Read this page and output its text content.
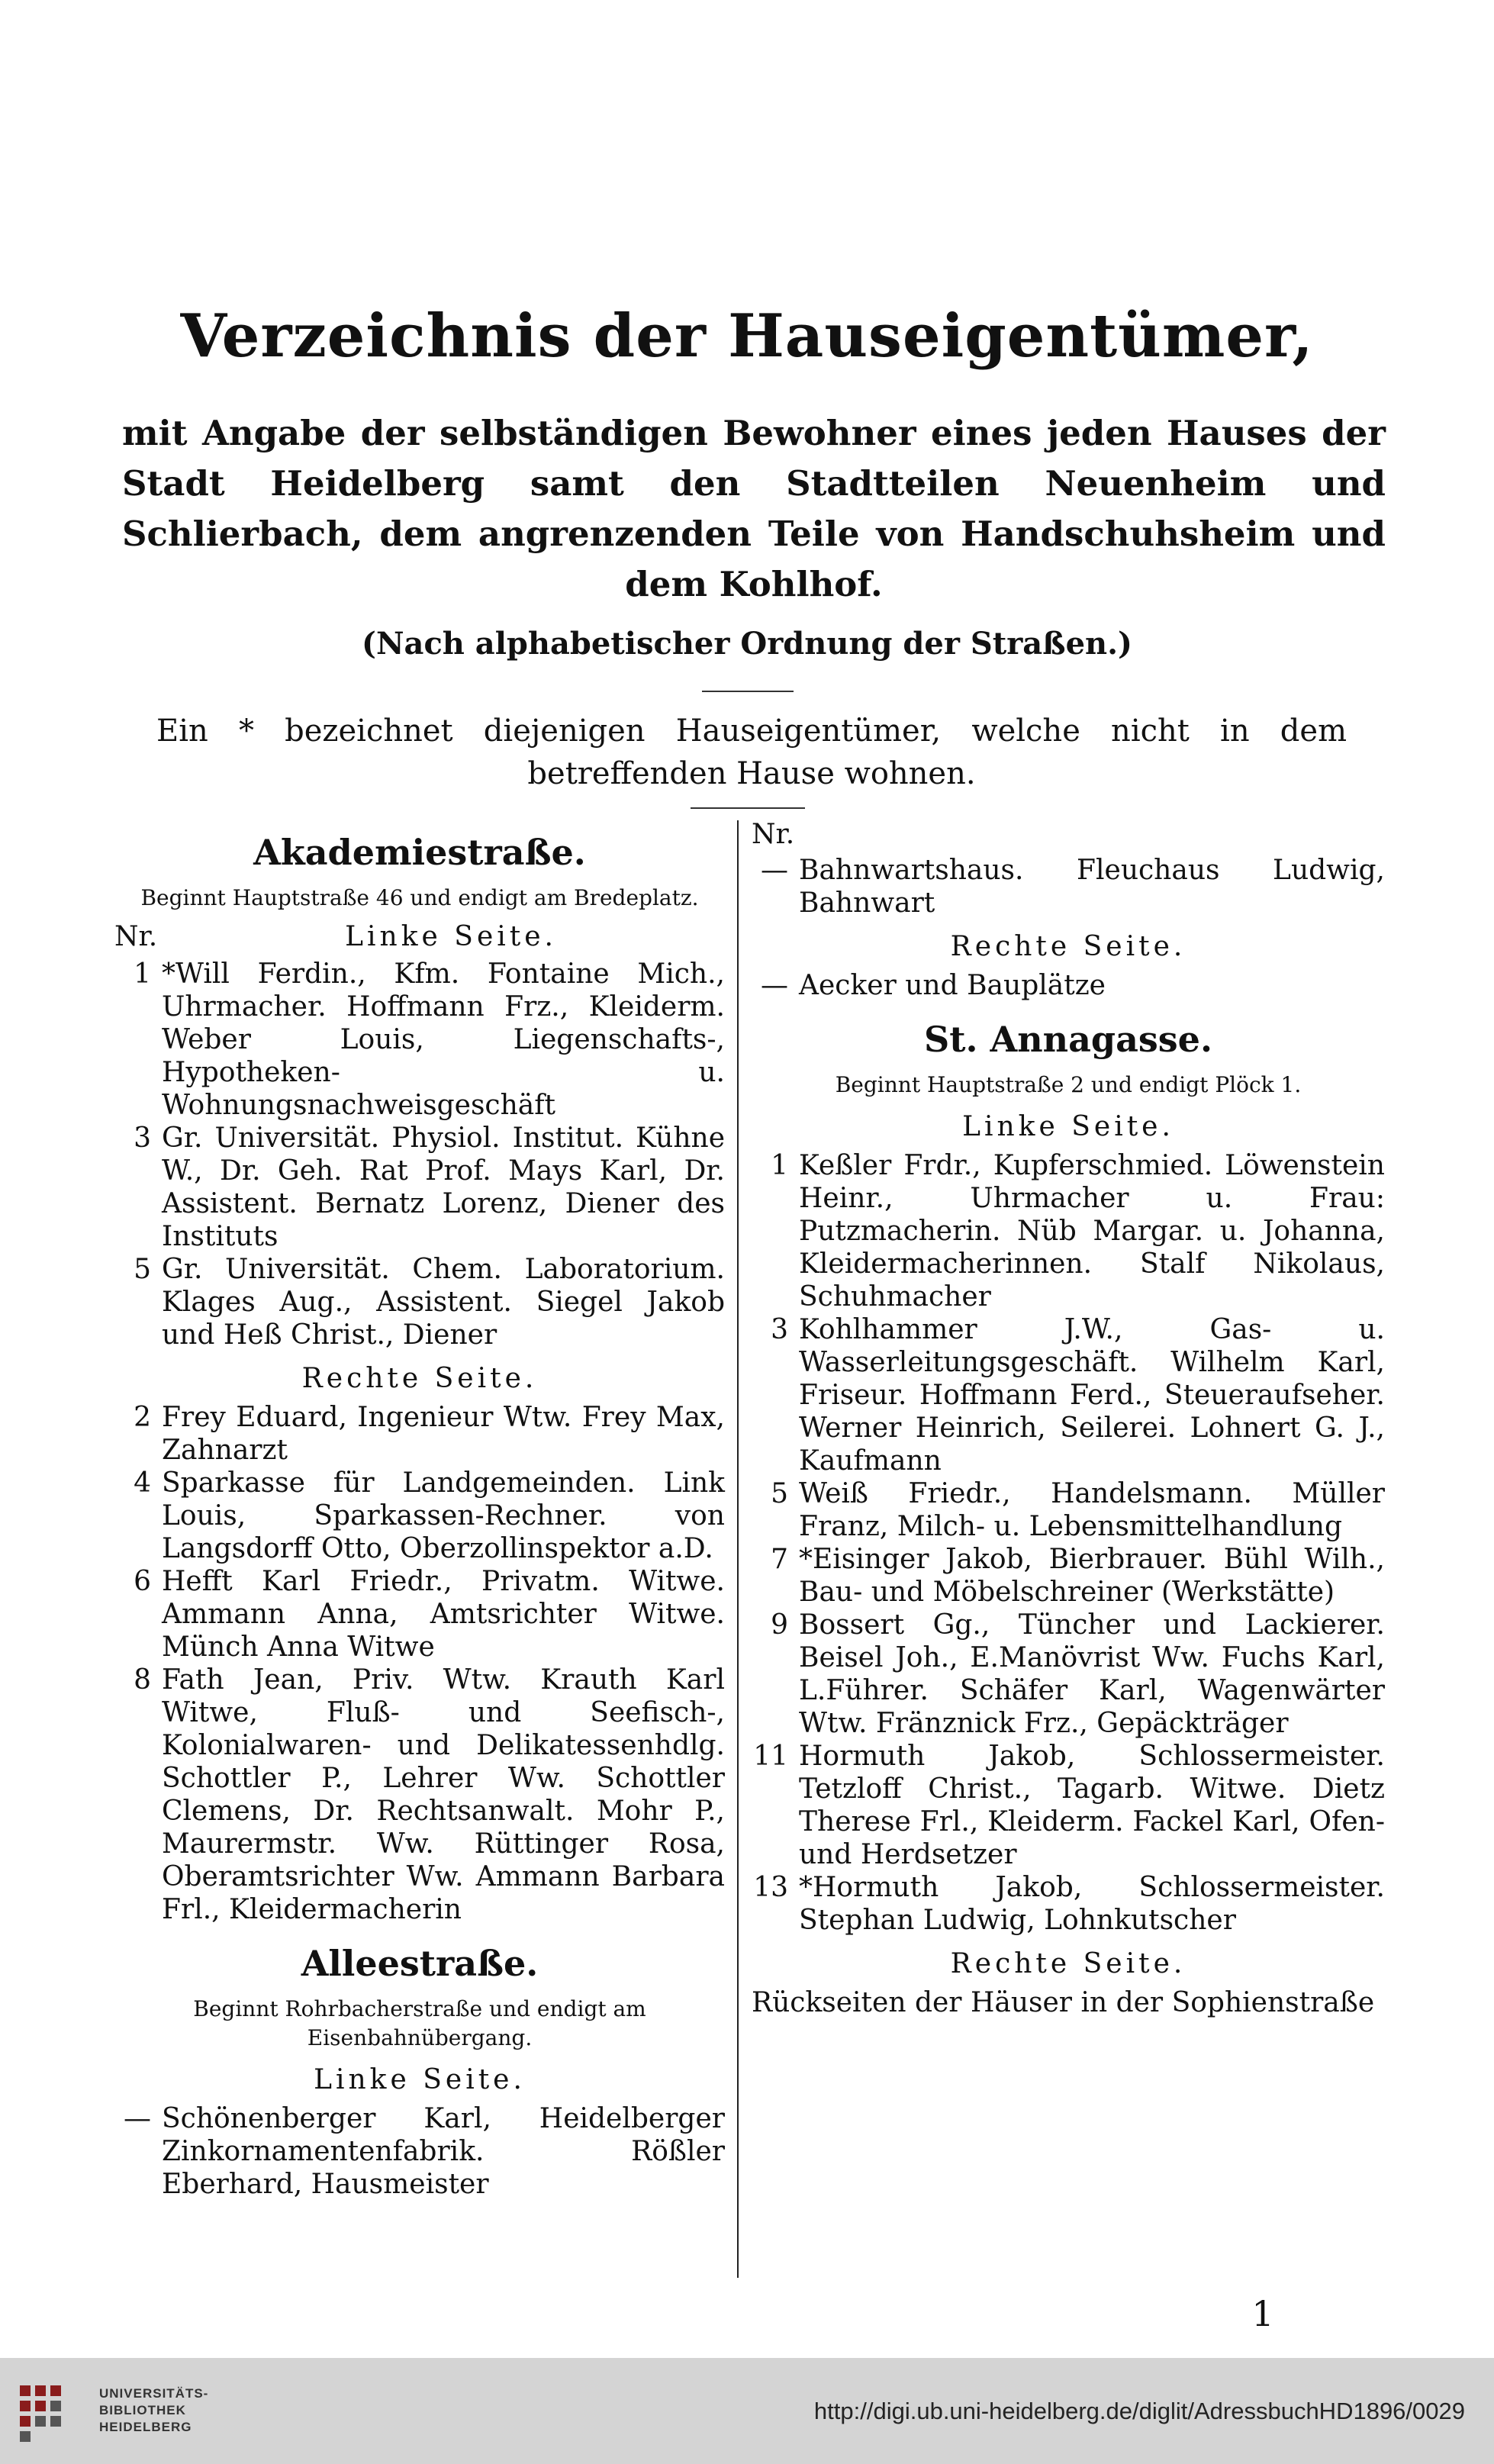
Verzeichnis der Hauseigentümer,

mit Angabe der selbständigen Bewohner eines jeden Hauses der Stadt Heidelberg samt den Stadtteilen Neuenheim und Schlierbach, dem angrenzenden Teile von Handschuhsheim und dem Kohlhof.

(Nach alphabetischer Ordnung der Straßen.)
Ein * bezeichnet diejenigen Hauseigentümer, welche nicht in dem betreffenden Hause wohnen.
Akademiestraße.
Beginnt Hauptstraße 46 und endigt am Bredeplatz.
Nr.	Linke Seite.
1 *Will Ferdin., Kfm. Fontaine Mich., Uhrmacher. Hoffmann Frz., Kleiderm. Weber Louis, Liegenschafts-, Hypotheken- u. Wohnungsnachweisgeschäft
3 Gr. Universität. Physiol. Institut. Kühne W., Dr. Geh. Rat Prof. Mays Karl, Dr. Assistent. Bernatz Lorenz, Diener des Instituts
5 Gr. Universität. Chem. Laboratorium. Klages Aug., Assistent. Siegel Jakob und Heß Christ., Diener
Rechte Seite.
2 Frey Eduard, Ingenieur Wtw. Frey Max, Zahnarzt
4 Sparkasse für Landgemeinden. Link Louis, Sparkassen-Rechner. von Langsdorff Otto, Oberzollinspektor a.D.
6 Hefft Karl Friedr., Privatm. Witwe. Ammann Anna, Amtsrichter Witwe. Münch Anna Witwe
8 Fath Jean, Priv. Wtw. Krauth Karl Witwe, Fluß- und Seefisch-, Kolonialwaren- und Delikatessenhdlg. Schottler P., Lehrer Ww. Schottler Clemens, Dr. Rechtsanwalt. Mohr P., Maurermstr. Ww. Rüttinger Rosa, Oberamtsrichter Ww. Ammann Barbara Frl., Kleidermacherin
Alleestraße.
Beginnt Rohrbacherstraße und endigt am Eisenbahnübergang.
Linke Seite.
— Schönenberger Karl, Heidelberger Zinkornamentenfabrik. Rößler Eberhard, Hausmeister
Nr.
— Bahnwartshaus. Fleuchaus Ludwig, Bahnwart
Rechte Seite.
— Aecker und Bauplätze
St. Annagasse.
Beginnt Hauptstraße 2 und endigt Plöck 1.
Linke Seite.
1 Keßler Frdr., Kupferschmied. Löwenstein Heinr., Uhrmacher u. Frau: Putzmacherin. Nüb Margar. u. Johanna, Kleidermacherinnen. Stalf Nikolaus, Schuhmacher
3 Kohlhammer J.W., Gas- u. Wasserleitungsgeschäft. Wilhelm Karl, Friseur. Hoffmann Ferd., Steueraufseher. Werner Heinrich, Seilerei. Lohnert G. J., Kaufmann
5 Weiß Friedr., Handelsmann. Müller Franz, Milch- u. Lebensmittelhandlung
7 *Eisinger Jakob, Bierbrauer. Bühl Wilh., Bau- und Möbelschreiner (Werkstätte)
9 Bossert Gg., Tüncher und Lackierer. Beisel Joh., E.Manövrist Ww. Fuchs Karl, L.Führer. Schäfer Karl, Wagenwärter Wtw. Fränznick Frz., Gepäckträger
11 Hormuth Jakob, Schlossermeister. Tetzloff Christ., Tagarb. Witwe. Dietz Therese Frl., Kleiderm. Fackel Karl, Ofen- und Herdsetzer
13 *Hormuth Jakob, Schlossermeister. Stephan Ludwig, Lohnkutscher
Rechte Seite.
Rückseiten der Häuser in der Sophienstraße
1
UNIVERSITÄTS-
BIBLIOTHEK
HEIDELBERG
http://digi.ub.uni-heidelberg.de/diglit/AdressbuchHD1896/0029
